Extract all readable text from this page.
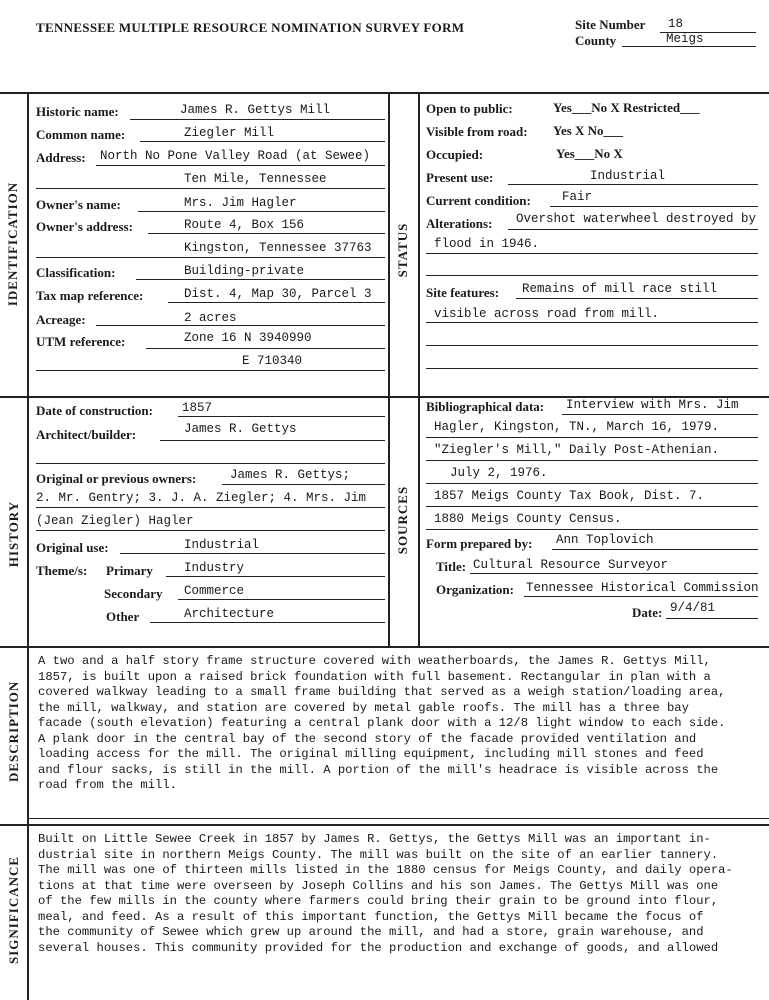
TENNESSEE MULTIPLE RESOURCE NOMINATION SURVEY FORM	Site Number 18
County	Meigs
IDENTIFICATION	STATUS
HISTORY	SOURCES
DESCRIPTION
SIGNIFICANCE
Historic name:	James R. Gettys Mill
Common name:	Ziegler Mill
Address: North No Pone Valley Road (at Sewee)
Ten Mile, Tennessee
Owner's name:	Mrs. Jim Hagler
Owner's address:	Route 4, Box 156
Kingston, Tennessee 37763
Classification:	Building-private
Tax map reference:	Dist. 4, Map 30, Parcel 3
Acreage:	2 acres
UTM reference:	Zone 16 N 3940990
E 710340
Open to public:	Yes___No X Restricted___
Visible from road: Yes X No___
Occupied:	Yes___No X
Present use:	Industrial
Current condition: Fair
Alterations: Overshot waterwheel destroyed by
flood in 1946.
Site features: Remains of mill race still
visible across road from mill.
Date of construction: 1857
Architect/builder:	James R. Gettys
Original or previous owners:	James R. Gettys;
2. Mr. Gentry; 3. J. A. Ziegler; 4. Mrs. Jim
(Jean Ziegler) Hagler
Original use:	Industrial
Theme/s: Primary Industry
Secondary Commerce
Other	Architecture
Bibliographical data: Interview with Mrs. Jim
Hagler, Kingston, TN., March 16, 1979.
"Ziegler's Mill," Daily Post-Athenian.
July 2, 1976.
1857 Meigs County Tax Book, Dist. 7.
1880 Meigs County Census.
Form prepared by: Ann Toplovich
Title: Cultural Resource Surveyor
Organization: Tennessee Historical Commission
Date: 9/4/81
A two and a half story frame structure covered with weatherboards, the James R. Gettys Mill,
1857, is built upon a raised brick foundation with full basement. Rectangular in plan with a
covered walkway leading to a small frame building that served as a weigh station/loading area,
the mill, walkway, and station are covered by metal gable roofs. The mill has a three bay
facade (south elevation) featuring a central plank door with a 12/8 light window to each side.
A plank door in the central bay of the second story of the facade provided ventilation and
loading access for the mill. The original milling equipment, including mill stones and feed
and flour sacks, is still in the mill. A portion of the mill's headrace is visible across the
road from the mill.
Built on Little Sewee Creek in 1857 by James R. Gettys, the Gettys Mill was an important in-
dustrial site in northern Meigs County. The mill was built on the site of an earlier tannery.
The mill was one of thirteen mills listed in the 1880 census for Meigs County, and daily opera-
tions at that time were overseen by Joseph Collins and his son James. The Gettys Mill was one
of the few mills in the county where farmers could bring their grain to be ground into flour,
meal, and feed. As a result of this important function, the Gettys Mill became the focus of
the community of Sewee which grew up around the mill, and had a store, grain warehouse, and
several houses. This community provided for the production and exchange of goods, and allowed
